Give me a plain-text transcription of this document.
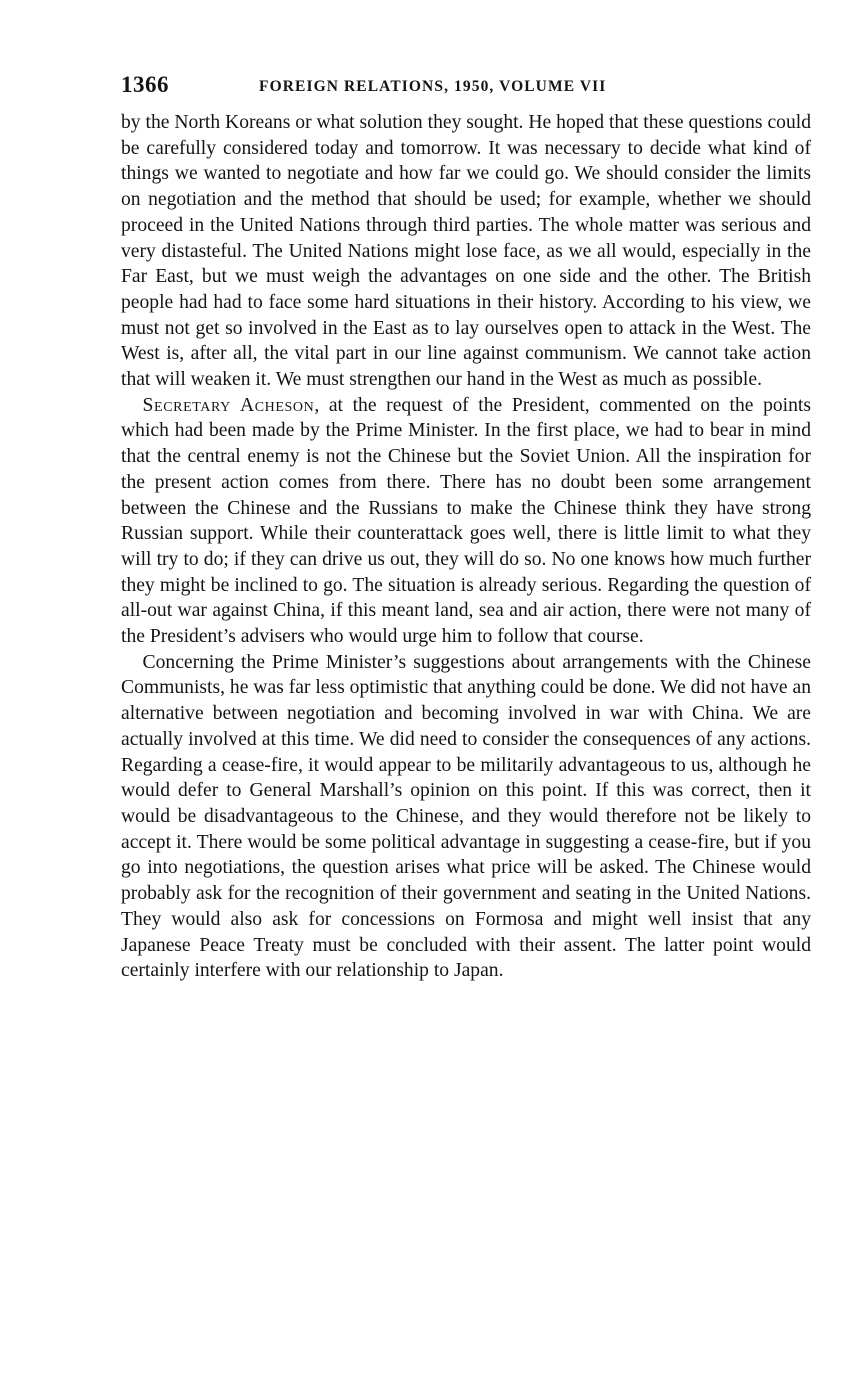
1366	FOREIGN RELATIONS, 1950, VOLUME VII

by the North Koreans or what solution they sought. He hoped that these questions could be carefully considered today and tomorrow. It was necessary to decide what kind of things we wanted to negotiate and how far we could go. We should consider the limits on negotiation and the method that should be used; for example, whether we should proceed in the United Nations through third parties. The whole matter was serious and very distasteful. The United Nations might lose face, as we all would, especially in the Far East, but we must weigh the advantages on one side and the other. The British people had had to face some hard situations in their history. According to his view, we must not get so involved in the East as to lay ourselves open to attack in the West. The West is, after all, the vital part in our line against communism. We cannot take action that will weaken it. We must strengthen our hand in the West as much as possible.

Secretary Acheson, at the request of the President, commented on the points which had been made by the Prime Minister. In the first place, we had to bear in mind that the central enemy is not the Chinese but the Soviet Union. All the inspiration for the present action comes from there. There has no doubt been some arrangement between the Chinese and the Russians to make the Chinese think they have strong Russian support. While their counterattack goes well, there is little limit to what they will try to do; if they can drive us out, they will do so. No one knows how much further they might be inclined to go. The situation is already serious. Regarding the question of all-out war against China, if this meant land, sea and air action, there were not many of the President’s advisers who would urge him to follow that course.

Concerning the Prime Minister’s suggestions about arrangements with the Chinese Communists, he was far less optimistic that anything could be done. We did not have an alternative between negotiation and becoming involved in war with China. We are actually involved at this time. We did need to consider the consequences of any actions. Regarding a cease-fire, it would appear to be militarily advantageous to us, although he would defer to General Marshall’s opinion on this point. If this was correct, then it would be disadvantageous to the Chinese, and they would therefore not be likely to accept it. There would be some political advantage in suggesting a cease-fire, but if you go into negotiations, the question arises what price will be asked. The Chinese would probably ask for the recognition of their government and seating in the United Nations. They would also ask for concessions on Formosa and might well insist that any Japanese Peace Treaty must be concluded with their assent. The latter point would certainly interfere with our relationship to Japan.
